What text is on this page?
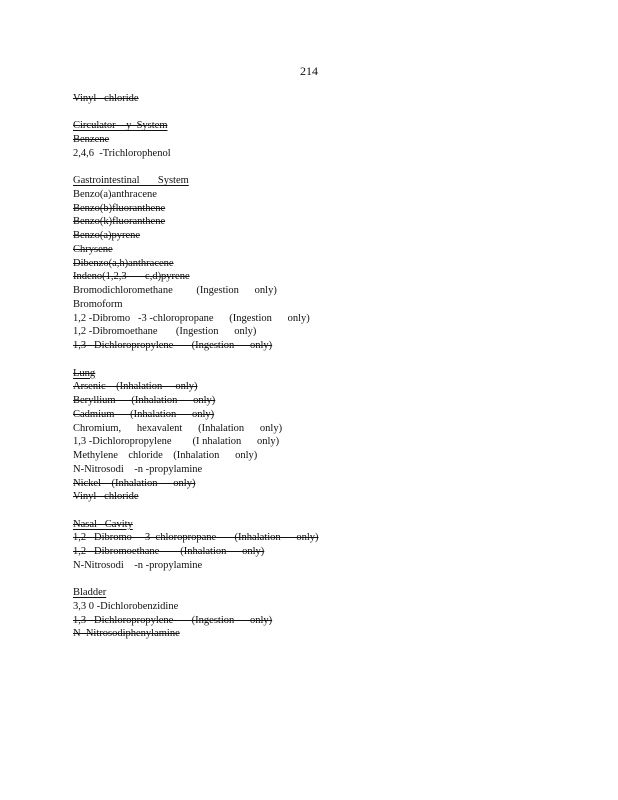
214
Vinyl   chloride
Circulator    y  System
Benzene
2,4,6  -Trichlorophenol
Gastrointestinal       System
Benzo(a)anthracene
Benzo(b)fluoranthene
Benzo(k)fluoranthene
Benzo(a)pyrene
Chrysene
Dibenzo(a,h)anthracene
Indeno(1,2,3       c,d)pyrene
Bromodichloromethane         (Ingestion      only)
Bromoform
1,2 -Dibromo   -3 -chloropropane      (Ingestion      only)
1,2 -Dibromoethane       (Ingestion      only)
1,3   Dichloropropylene       (Ingestion      only)
Lung
Arsenic    (Inhalation     only)
Beryllium      (Inhalation      only)
Cadmium      (Inhalation      only)
Chromium,      hexavalent      (Inhalation      only)
1,3 -Dichloropropylene        (I nhalation      only)
Methylene    chloride    (Inhalation      only)
N-Nitrosodi    -n -propylamine
Nickel    (Inhalation      only)
Vinyl   chloride
Nasal   Cavity
1,2   Dibromo     3  chloropropane       (Inhalation      only)
1,2   Dibromoethane        (Inhalation      only)
N-Nitrosodi    -n -propylamine
Bladder
3,3 0 -Dichlorobenzidine
1,3   Dichloropropylene       (Ingestion      only)
N  Nitrosodiphenylamine
